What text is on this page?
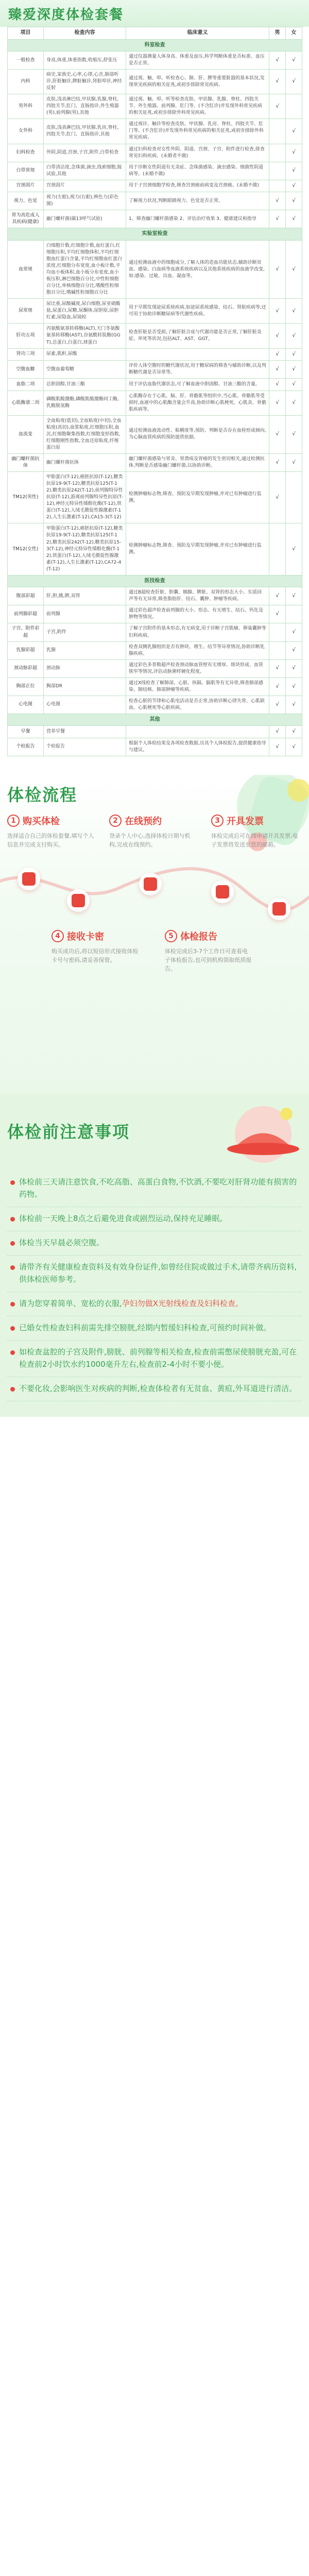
臻爱深度体检套餐
项目	检查内容	临床意义	男	女
科室检查				
一般检查	身高,体重,体重指数,收缩压,舒张压	通过仪器测量人体身高、体重及血压,科学判断体重是否标准、血压是否正常。	√	√
内科	病史,家族史,心率,心律,心音,肺部听诊,肝脏触诊,脾脏触诊,肾脏叩诊,神经反射	通过视、触、叩、听检查心、肺、肝、脾等重要脏器的基本状况,发现常见疾病的相关征兆,或初步排除常见疾病。	√	√
男外科	皮肤,浅表淋巴结,甲状腺,乳腺,脊柱,四肢关节,肛门、直肠指诊,外生殖器(男),前列腺(男),其他	通过视、触、叩、听等检查皮肤、甲状腺、乳腺、脊柱、四肢关节、外生殖器、前列腺、肛门等。(不含肛诊)并发现外科常见疾病的相关征兆,或初步排除外科常见疾病。	√	
女外科	皮肤,浅表淋巴结,甲状腺,乳房,脊柱,四肢关节,肛门、直肠指诊,其他	通过视诊、触诊等检查皮肤、甲状腺、乳房、脊柱、四肢关节、肛门等。(不含肛诊)并发现外科常见疾病的相关征兆,或初步排除外科常见疾病。		√
妇科检查	外阴,阴道,宫颈,子宫,附件,白带检查	通过妇科检查对女性外阴、阴道、宫颈、子宫、附件进行检查,排查常见妇科疾病。(未婚者不做)		√
白带常规	白带清洁度,念珠菌,滴虫,线索细胞,胺试验,其他	用于诊断女性阴道有无炎症、念珠菌感染、滴虫感染、细菌性阴道病等。(未婚不做)		√
宫颈刮片	宫颈刮片	用于子宫颈细胞学检查,筛查宫颈癌前病变及宫颈癌。(未婚不做)		√
视力、色觉	视力(左眼),视力(右眼),辨色力(彩色图)	了解视力状况,判断眼睛视力、色觉是否正常。	√	√
胃为高危成人其疾病(健康)	幽门螺杆菌(碳13呼气试验)	1、筛查幽门螺杆菌感染 2、评估治疗效果 3、健康建议和指导	√	√
实验室检查				
血常规	白细胞计数,红细胞计数,血红蛋白,红细胞压积,平均红细胞体积,平均红细胞血红蛋白含量,平均红细胞血红蛋白浓度,红细胞分布宽度,血小板计数,平均血小板体积,血小板分布宽度,血小板压积,淋巴细胞百分比,中性粒细胞百分比,单核细胞百分比,嗜酸性粒细胞百分比,嗜碱性粒细胞百分比	通过检测血液中的细胞成分,了解人体的造血功能状态,辅助诊断贫血、感染、白血病等血液系统疾病以及其他系统疾病的血液学改变,如:感染、过敏、出血、凝血等。	√	√
尿常规	尿比重,尿酸碱度,尿白细胞,尿亚硝酸盐,尿蛋白,尿糖,尿酮体,尿胆原,尿胆红素,尿隐血,尿镜检	用于早期发现泌尿系统疾病,如泌尿系统感染、结石、肾脏疾病等;还可用于协助诊断糖尿病等代谢性疾病。	√	√
肝功五项	丙氨酸氨基转移酶(ALT),天门冬氨酸氨基转移酶(AST),谷氨酰转肽酶(GGT),总蛋白,白蛋白,球蛋白	检查肝脏是否受损,了解肝脏合成与代谢功能是否正常,了解肝脏炎症、坏死等状况,包括ALT、AST、GGT。	√	√
肾功三项	尿素,肌酐,尿酸		√	√
空腹血糖	空腹血葡萄糖	评价人体空腹时的糖代谢状况,用于糖尿病的筛查与辅助诊断,以及判断糖代谢是否异常等。	√	√
血脂二项	总胆固醇,甘油三酯	用于评估血脂代谢状态,可了解血液中胆固醇、甘油三酯的含量。	√	√
心肌酶谱二项	磷酸肌酸激酶,磷酸肌酸激酶同工酶,乳酸脱氢酶	心肌酶存在于心肌、脑、肝、骨骼肌等组织中,当心肌、骨骼肌等受损时,血液中的心肌酶含量会升高,协助诊断心肌梗死、心肌炎、骨骼肌疾病等。	√	√
血流变	全血粘度(低切),全血粘度(中切),全血粘度(高切),血浆粘度,红细胞压积,血沉,红细胞聚集指数,红细胞变形指数,红细胞刚性指数,全血还原粘度,纤维蛋白原	通过检测血液流动性、粘稠度等,预防、判断是否存在血栓形成倾向,为心脑血管疾病的预防提供依据。	√	√
幽门螺杆菌抗体	幽门螺杆菌抗体	幽门螺杆菌感染与胃炎、胃溃疡及胃癌的发生密切相关,通过检测抗体,判断是否感染幽门螺杆菌,以协助诊断。	√	√
TM12(男性)	甲胎蛋白(T-12),癌胚抗原(T-12),糖类抗原19-9(T-12),糖类抗原125(T-12),糖类抗原242(T-12),前列腺特异性抗原(T-12),游离前列腺特异性抗原(T-12),神经元特异性烯醇化酶(T-12),铁蛋白(T-12),人绒毛膜促性腺激素(T-12),人生长激素(T-12),CA15-3(T-12)	检测肿瘤标志物,筛查、预防及早期发现肿瘤,并对已有肿瘤进行监测。	√	
TM12(女性)	甲胎蛋白(T-12),癌胚抗原(T-12),糖类抗原19-9(T-12),糖类抗原125(T-12),糖类抗原242(T-12),糖类抗原15-3(T-12),神经元特异性烯醇化酶(T-12),铁蛋白(T-12),人绒毛膜促性腺激素(T-12),人生长激素(T-12),CA72-4(T-12)	检测肿瘤标志物,筛查、预防及早期发现肿瘤,并对已有肿瘤进行监测。		√
医技检查				
腹部彩超	肝,胆,胰,脾,双肾	通过B超检查肝脏、胆囊、胰腺、脾脏、双肾的形态大小、实质回声等有无异常,筛查脂肪肝、结石、囊肿、肿瘤等疾病。	√	√
前列腺彩超	前列腺	通过彩色超声检查前列腺的大小、形态、有无增生、结石、钙化及肿物等情况。	√	
子宫、附件彩超	子宫,附件	了解子宫附件的基本形态,有无病变,用于诊断子宫肌瘤、卵巢囊肿等妇科疾病。		√
乳腺彩超	乳腺	检查双侧乳腺组织是否有肿块、增生、结节等异常情况,协助诊断乳腺疾病。		√
颈动脉彩超	颈动脉	通过彩色多普勒超声检查颈动脉血管壁有无增厚、斑块形成、血管狭窄等情况,评估动脉粥样硬化程度。	√	√
胸部正位	胸部DR	通过X线检查了解肺部、心脏、纵隔、膈肌等有无异常,筛查肺部感染、肺结核、肺部肿瘤等疾病。	√	√
心电图	心电图	检查心脏的节律和心肌电活动是否正常,协助诊断心律失常、心肌缺血、心肌梗死等心脏疾病。	√	√
其他				
早餐	营养早餐		√	√
个检报告	个检报告	根据个人体检结果及各项检查数据,出具个人体检报告,提供健康指导与建议。	√	√
体检流程
1 购买体检
选择适合自己的体检套餐,填写个人信息并完成支付购买。
2 在线预约
登录个人中心,选择体检日期与机构,完成在线预约。
3 开具发票
体检完成后可在线申请开具发票,电子发票将发送至您的邮箱。
4 接收卡密
购买成功后,将以短信形式接收体检卡号与密码,请妥善保管。
5 体检报告
体检完成后3-7个工作日可查看电子体检报告,也可到机构领取纸质报告。
体检前注意事项
体检前三天请注意饮食,不吃高脂、高蛋白食物,不饮酒,不要吃对肝肾功能有损害的药物。
体检前一天晚上8点之后避免进食或剧烈运动,保持充足睡眠。
体检当天早晨必须空腹。
请带齐有关健康检查资料及有效身份证件,如曾经住院或做过手术,请带齐病历资料,供体检医师参考。
请为您穿着简单、宽松的衣服,孕妇勿做X光射线检查及妇科检查。
已婚女性检查妇科前需先排空膀胱,经期内暂缓妇科检查,可预约时间补做。
如检查盆腔的子宫及附件,膀胱、前列腺等相关检查,检查前需憋尿使膀胱充盈,可在检查前2小时饮水约1000毫升左右,检查前2-4小时不要小便。
不要化妆,会影响医生对疾病的判断,检查体检者有无贫血、黄疸,外耳道进行清洁。
